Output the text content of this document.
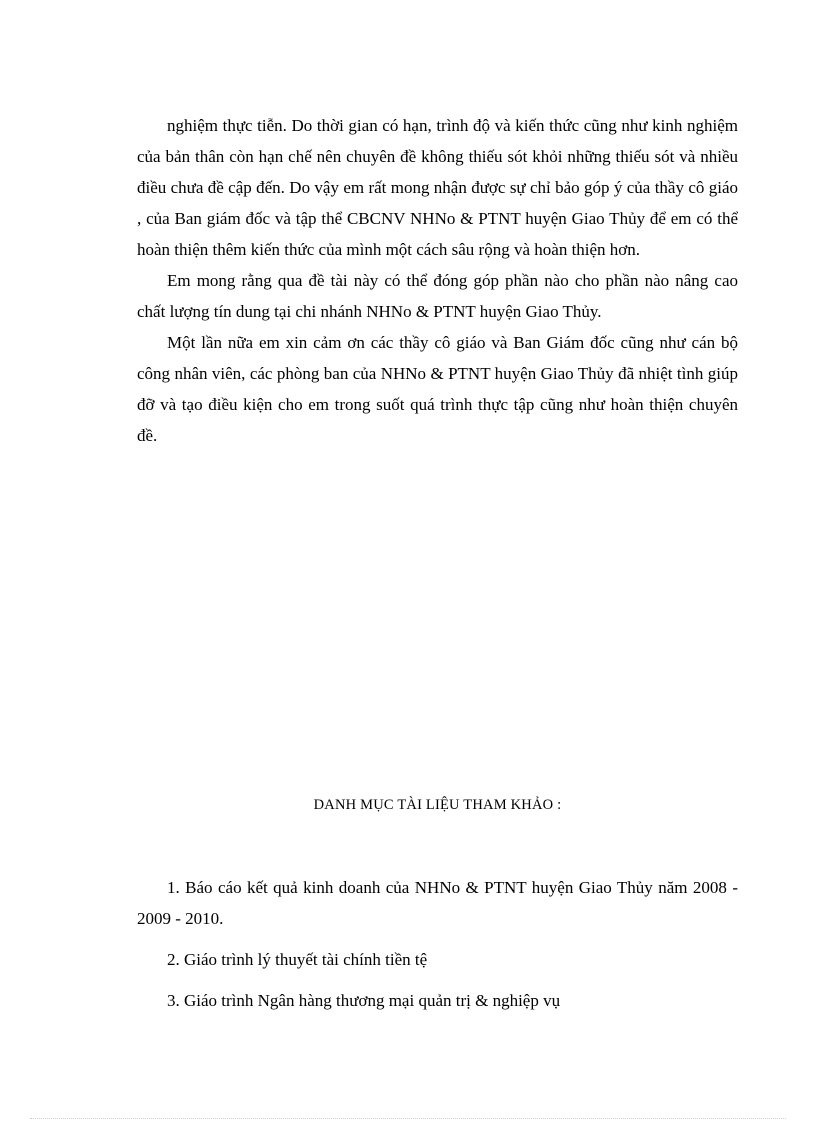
nghiệm thực tiễn. Do thời gian có hạn, trình độ và kiến thức cũng như kinh nghiệm của bản thân còn hạn chế nên chuyên đề không thiếu sót khỏi những thiếu sót và nhiều điều chưa đề cập đến. Do vậy em rất mong nhận được sự chỉ bảo góp ý của thầy cô giáo , của Ban giám đốc và tập thể CBCNV NHNo & PTNT huyện Giao Thủy để em có thể hoàn thiện thêm kiến thức của mình một cách sâu rộng và hoàn thiện hơn.

Em mong rằng qua đề tài này có thể đóng góp phần nào cho phần nào nâng cao chất lượng tín dung tại chi nhánh NHNo & PTNT huyện Giao Thủy.

Một lần nữa em xin cảm ơn các thầy cô giáo và Ban Giám đốc cũng như cán bộ công nhân viên, các phòng ban của NHNo & PTNT huyện Giao Thủy đã nhiệt tình giúp đỡ và tạo điều kiện cho em trong suốt quá trình thực tập cũng như hoàn thiện chuyên đề.

DANH MỤC TÀI LIỆU THAM KHẢO :

1. Báo cáo kết quả kinh doanh của NHNo & PTNT huyện Giao Thủy năm 2008 - 2009 - 2010.

2. Giáo trình lý thuyết tài chính tiền tệ

3. Giáo trình Ngân hàng thương mại quản trị & nghiệp vụ
